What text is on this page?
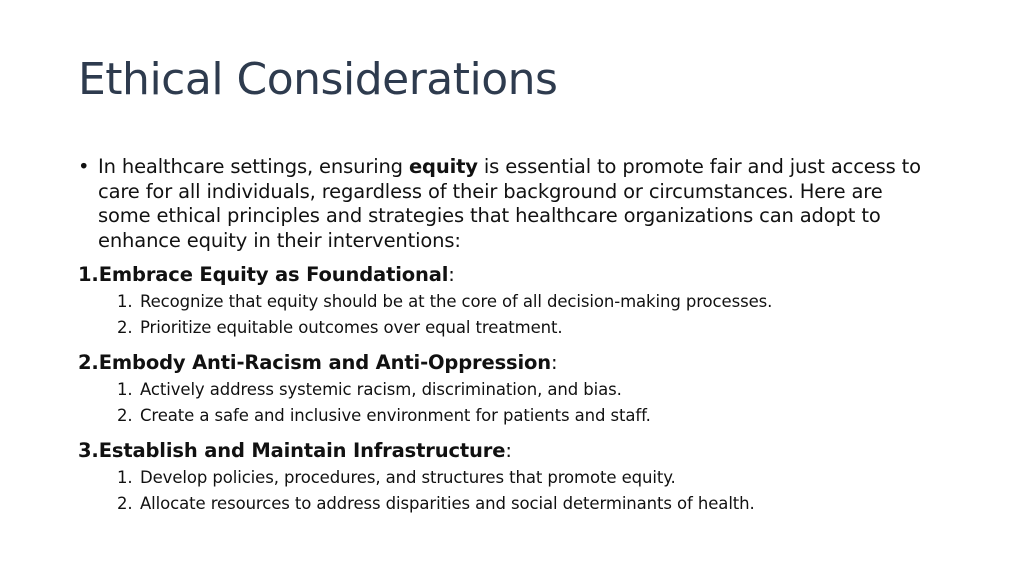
Ethical Considerations
• In healthcare settings, ensuring equity is essential to promote fair and just access to care for all individuals, regardless of their background or circumstances. Here are some ethical principles and strategies that healthcare organizations can adopt to enhance equity in their interventions:
1.Embrace Equity as Foundational:
1. Recognize that equity should be at the core of all decision-making processes.
2. Prioritize equitable outcomes over equal treatment.
2.Embody Anti-Racism and Anti-Oppression:
1. Actively address systemic racism, discrimination, and bias.
2. Create a safe and inclusive environment for patients and staff.
3.Establish and Maintain Infrastructure:
1. Develop policies, procedures, and structures that promote equity.
2. Allocate resources to address disparities and social determinants of health.
